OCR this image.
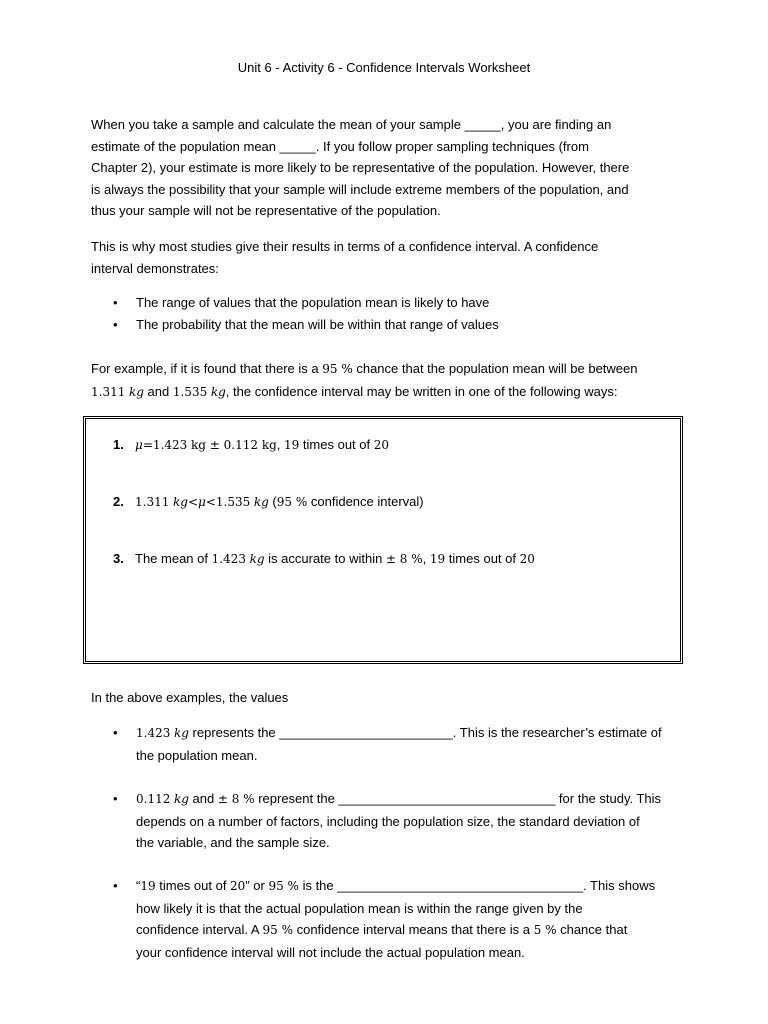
Unit 6 - Activity 6 - Confidence Intervals Worksheet
When you take a sample and calculate the mean of your sample _____, you are finding an
estimate of the population mean _____. If you follow proper sampling techniques (from
Chapter 2), your estimate is more likely to be representative of the population. However, there
is always the possibility that your sample will include extreme members of the population, and
thus your sample will not be representative of the population.
This is why most studies give their results in terms of a confidence interval. A confidence
interval demonstrates:
• The range of values that the population mean is likely to have
• The probability that the mean will be within that range of values
For example, if it is found that there is a 95 % chance that the population mean will be between
1.311 kg and 1.535 kg, the confidence interval may be written in one of the following ways:
1. μ=1.423 kg ± 0.112 kg, 19 times out of 20
2. 1.311 kg<μ<1.535 kg (95 % confidence interval)
3. The mean of 1.423 kg is accurate to within ± 8 %, 19 times out of 20
In the above examples, the values
• 1.423 kg represents the ________________________. This is the researcher’s estimate of
the population mean.
• 0.112 kg and ± 8 % represent the ______________________________ for the study. This
depends on a number of factors, including the population size, the standard deviation of
the variable, and the sample size.
• “19 times out of 20” or 95 % is the __________________________________. This shows
how likely it is that the actual population mean is within the range given by the
confidence interval. A 95 % confidence interval means that there is a 5 % chance that
your confidence interval will not include the actual population mean.
